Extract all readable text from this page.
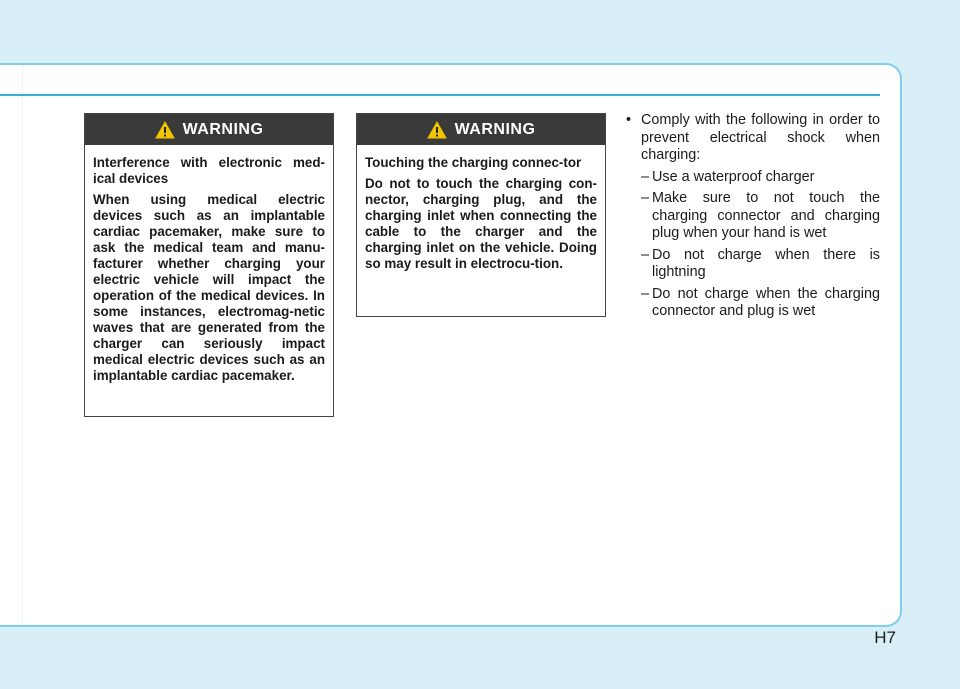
WARNING

Interference with electronic med-ical devices

When using medical electric devices such as an implantable cardiac pacemaker, make sure to ask the medical team and manu-facturer whether charging your electric vehicle will impact the operation of the medical devices. In some instances, electromag-netic waves that are generated from the charger can seriously impact medical electric devices such as an implantable cardiac pacemaker.

WARNING

Touching the charging connec-tor

Do not to touch the charging con-nector, charging plug, and the charging inlet when connecting the cable to the charger and the charging inlet on the vehicle. Doing so may result in electrocu-tion.

• Comply with the following in order to prevent electrical shock when charging:

– Use a waterproof charger

– Make sure to not touch the charging connector and charging plug when your hand is wet

– Do not charge when there is lightning

– Do not charge when the charging connector and plug is wet

H7
